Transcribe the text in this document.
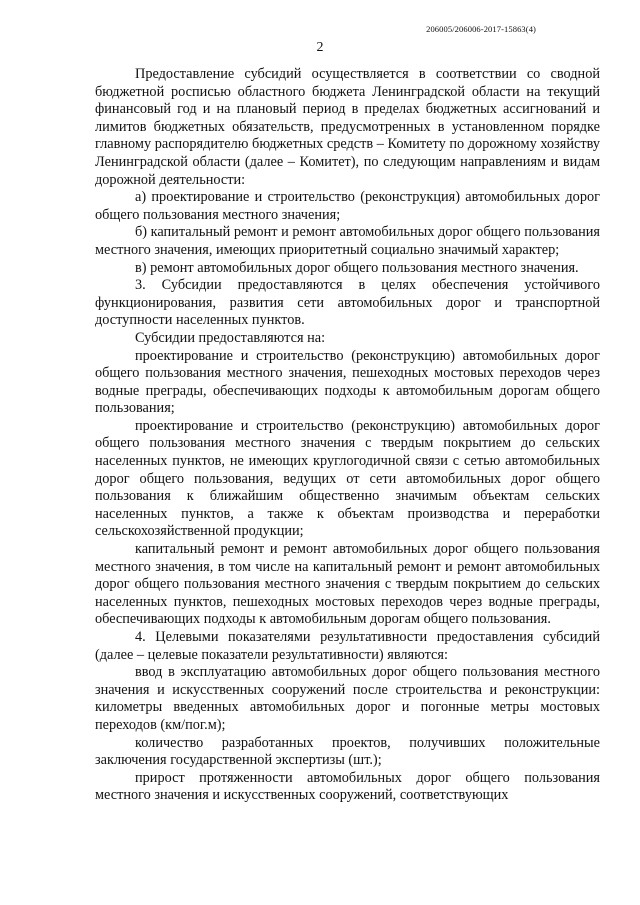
206005/206006-2017-15863(4)
2

Предоставление субсидий осуществляется в соответствии со сводной бюджетной росписью областного бюджета Ленинградской области на текущий финансовый год и на плановый период в пределах бюджетных ассигнований и лимитов бюджетных обязательств, предусмотренных в установленном порядке главному распорядителю бюджетных средств – Комитету по дорожному хозяйству Ленинградской области (далее – Комитет), по следующим направлениям и видам дорожной деятельности:

а) проектирование и строительство (реконструкция) автомобильных дорог общего пользования местного значения;

б) капитальный ремонт и ремонт автомобильных дорог общего пользования местного значения, имеющих приоритетный социально значимый характер;

в) ремонт автомобильных дорог общего пользования местного значения.

3. Субсидии предоставляются в целях обеспечения устойчивого функционирования, развития сети автомобильных дорог и транспортной доступности населенных пунктов.

Субсидии предоставляются на:

проектирование и строительство (реконструкцию) автомобильных дорог общего пользования местного значения, пешеходных мостовых переходов через водные преграды, обеспечивающих подходы к автомобильным дорогам общего пользования;

проектирование и строительство (реконструкцию) автомобильных дорог общего пользования местного значения с твердым покрытием до сельских населенных пунктов, не имеющих круглогодичной связи с сетью автомобильных дорог общего пользования, ведущих от сети автомобильных дорог общего пользования к ближайшим общественно значимым объектам сельских населенных пунктов, а также к объектам производства и переработки сельскохозяйственной продукции;

капитальный ремонт и ремонт автомобильных дорог общего пользования местного значения, в том числе на капитальный ремонт и ремонт автомобильных дорог общего пользования местного значения с твердым покрытием до сельских населенных пунктов, пешеходных мостовых переходов через водные преграды, обеспечивающих подходы к автомобильным дорогам общего пользования.

4. Целевыми показателями результативности предоставления субсидий (далее – целевые показатели результативности) являются:

ввод в эксплуатацию автомобильных дорог общего пользования местного значения и искусственных сооружений после строительства и реконструкции: километры введенных автомобильных дорог и погонные метры мостовых переходов (км/пог.м);

количество разработанных проектов, получивших положительные заключения государственной экспертизы (шт.);

прирост протяженности автомобильных дорог общего пользования местного значения и искусственных сооружений, соответствующих
